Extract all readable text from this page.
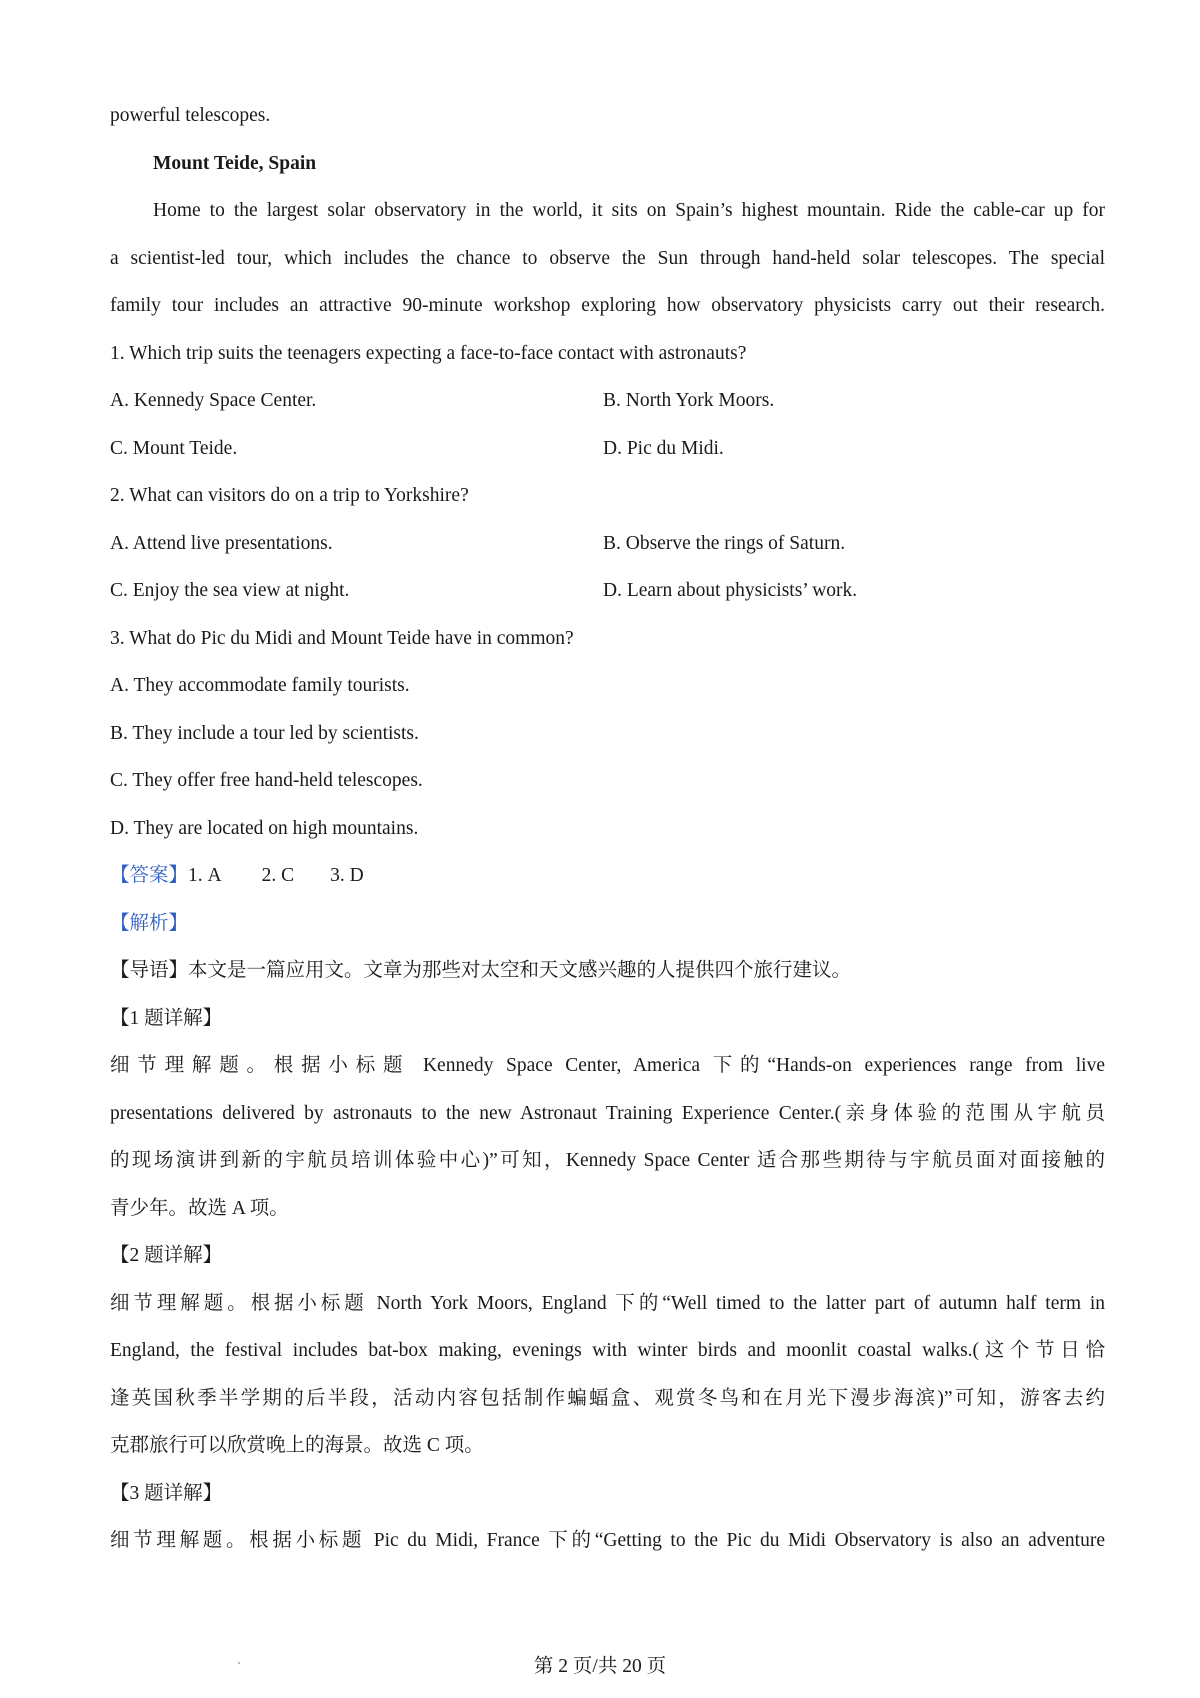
powerful telescopes.
Mount Teide, Spain
Home to the largest solar observatory in the world, it sits on Spain’s highest mountain. Ride the cable-car up for
a scientist-led tour, which includes the chance to observe the Sun through hand-held solar telescopes. The special
family tour includes an attractive 90-minute workshop exploring how observatory physicists carry out their research.
1. Which trip suits the teenagers expecting a face-to-face contact with astronauts?
A. Kennedy Space Center.	B. North York Moors.
C. Mount Teide.	D. Pic du Midi.
2. What can visitors do on a trip to Yorkshire?
A. Attend live presentations.	B. Observe the rings of Saturn.
C. Enjoy the sea view at night.	D. Learn about physicists’ work.
3. What do Pic du Midi and Mount Teide have in common?
A. They accommodate family tourists.
B. They include a tour led by scientists.
C. They offer free hand-held telescopes.
D. They are located on high mountains.
【答案】1. A 2. C 3. D
【解析】
【导语】本文是一篇应用文。文章为那些对太空和天文感兴趣的人提供四个旅行建议。
【1 题详解】
细节理解题。根据小标题 Kennedy Space Center, America 下的“Hands-on experiences range from live
presentations delivered by astronauts to the new Astronaut Training Experience Center.(亲身体验的范围从宇航员
的现场演讲到新的宇航员培训体验中心)”可知，Kennedy Space Center 适合那些期待与宇航员面对面接触的
青少年。故选 A 项。
【2 题详解】
细节理解题。根据小标题 North York Moors, England 下的“Well timed to the latter part of autumn half term in
England, the festival includes bat-box making, evenings with winter birds and moonlit coastal walks.(这个节日恰
逢英国秋季半学期的后半段，活动内容包括制作蝙蝠盒、观赏冬鸟和在月光下漫步海滨)”可知，游客去约
克郡旅行可以欣赏晚上的海景。故选 C 项。
【3 题详解】
细节理解题。根据小标题 Pic du Midi, France 下的“Getting to the Pic du Midi Observatory is also an adventure
第 2 页/共 20 页
